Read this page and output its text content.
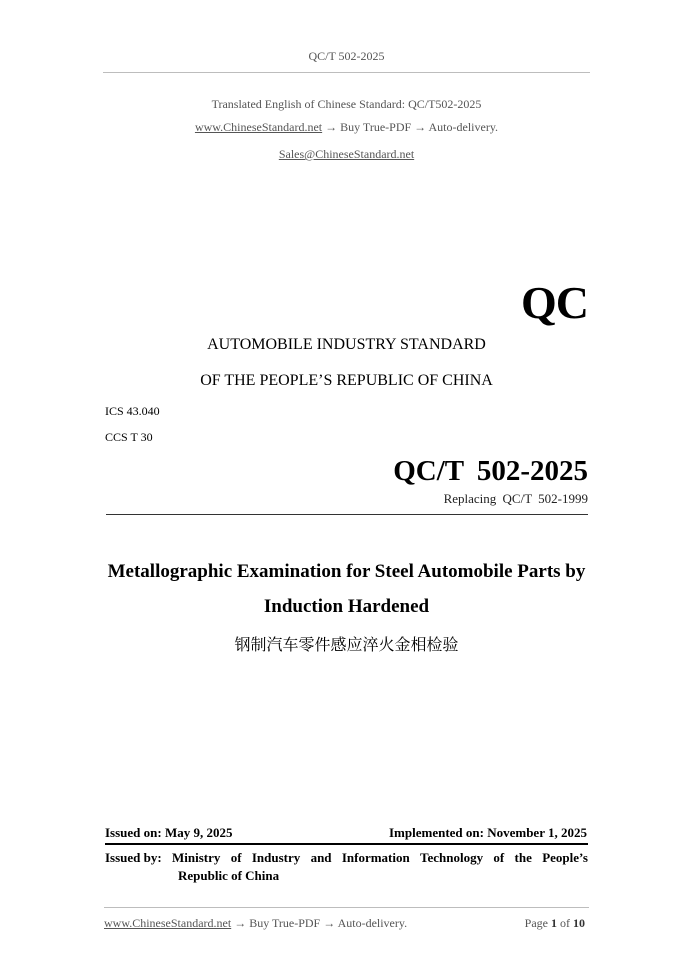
QC/T 502-2025
Translated English of Chinese Standard: QC/T502-2025
www.ChineseStandard.net → Buy True-PDF → Auto-delivery.
Sales@ChineseStandard.net
QC
AUTOMOBILE INDUSTRY STANDARD
OF THE PEOPLE’S REPUBLIC OF CHINA
ICS 43.040
CCS T 30
QC/T 502-2025
Replacing QC/T 502-1999
Metallographic Examination for Steel Automobile Parts by
Induction Hardened
钢制汽车零件感应淬火金相检验
Issued on: May 9, 2025	Implemented on: November 1, 2025
Issued by: Ministry of Industry and Information Technology of the People’s
Republic of China
www.ChineseStandard.net → Buy True-PDF → Auto-delivery.	Page 1 of 10
